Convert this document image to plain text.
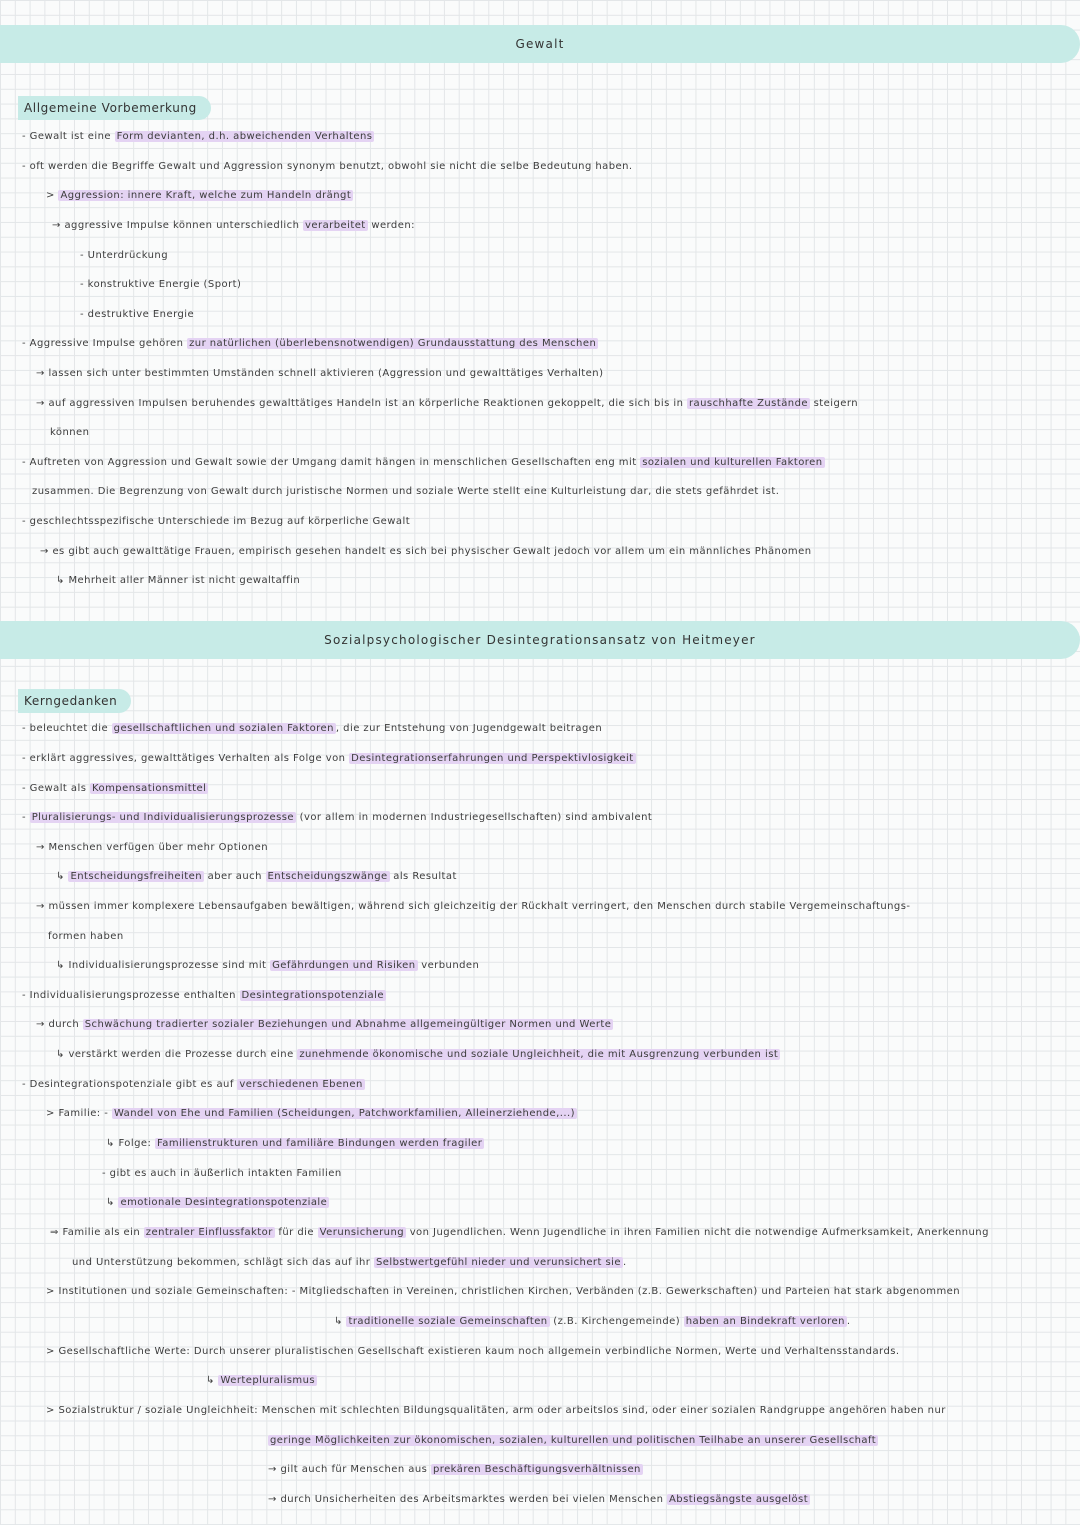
Gewalt
Sozialpsychologischer Desintegrationsansatz von Heitmeyer
Allgemeine Vorbemerkung
Kerngedanken
- Gewalt ist eine Form devianten, d.h. abweichenden Verhaltens
- oft werden die Begriffe Gewalt und Aggression synonym benutzt, obwohl sie nicht die selbe Bedeutung haben.
> Aggression: innere Kraft, welche zum Handeln drängt
→ aggressive Impulse können unterschiedlich verarbeitet werden:
- Unterdrückung
- konstruktive Energie (Sport)
- destruktive Energie
- Aggressive Impulse gehören zur natürlichen (überlebensnotwendigen) Grundausstattung des Menschen
→ lassen sich unter bestimmten Umständen schnell aktivieren (Aggression und gewalttätiges Verhalten)
→ auf aggressiven Impulsen beruhendes gewalttätiges Handeln ist an körperliche Reaktionen gekoppelt, die sich bis in rauschhafte Zustände steigern
können
- Auftreten von Aggression und Gewalt sowie der Umgang damit hängen in menschlichen Gesellschaften eng mit sozialen und kulturellen Faktoren
zusammen. Die Begrenzung von Gewalt durch juristische Normen und soziale Werte stellt eine Kulturleistung dar, die stets gefährdet ist.
- geschlechtsspezifische Unterschiede im Bezug auf körperliche Gewalt
→ es gibt auch gewalttätige Frauen, empirisch gesehen handelt es sich bei physischer Gewalt jedoch vor allem um ein männliches Phänomen
↳ Mehrheit aller Männer ist nicht gewaltaffin
- beleuchtet die gesellschaftlichen und sozialen Faktoren , die zur Entstehung von Jugendgewalt beitragen
- erklärt aggressives, gewalttätiges Verhalten als Folge von Desintegrationserfahrungen und Perspektivlosigkeit
- Gewalt als Kompensationsmittel
- Pluralisierungs- und Individualisierungsprozesse (vor allem in modernen Industriegesellschaften) sind ambivalent
→ Menschen verfügen über mehr Optionen
↳ Entscheidungsfreiheiten aber auch Entscheidungszwänge als Resultat
→ müssen immer komplexere Lebensaufgaben bewältigen, während sich gleichzeitig der Rückhalt verringert, den Menschen durch stabile Vergemeinschaftungs-
formen haben
↳ Individualisierungsprozesse sind mit Gefährdungen und Risiken verbunden
- Individualisierungsprozesse enthalten Desintegrationspotenziale
→ durch Schwächung tradierter sozialer Beziehungen und Abnahme allgemeingültiger Normen und Werte
↳ verstärkt werden die Prozesse durch eine zunehmende ökonomische und soziale Ungleichheit, die mit Ausgrenzung verbunden ist
- Desintegrationspotenziale gibt es auf verschiedenen Ebenen
> Familie: - Wandel von Ehe und Familien (Scheidungen, Patchworkfamilien, Alleinerziehende,...)
↳ Folge: Familienstrukturen und familiäre Bindungen werden fragiler
- gibt es auch in äußerlich intakten Familien
↳ emotionale Desintegrationspotenziale
⇒ Familie als ein zentraler Einflussfaktor für die Verunsicherung von Jugendlichen. Wenn Jugendliche in ihren Familien nicht die notwendige Aufmerksamkeit, Anerkennung
und Unterstützung bekommen, schlägt sich das auf ihr Selbstwertgefühl nieder und verunsichert sie .
> Institutionen und soziale Gemeinschaften: - Mitgliedschaften in Vereinen, christlichen Kirchen, Verbänden (z.B. Gewerkschaften) und Parteien hat stark abgenommen
↳ traditionelle soziale Gemeinschaften (z.B. Kirchengemeinde) haben an Bindekraft verloren .
> Gesellschaftliche Werte: Durch unserer pluralistischen Gesellschaft existieren kaum noch allgemein verbindliche Normen, Werte und Verhaltensstandards.
↳ Wertepluralismus
> Sozialstruktur / soziale Ungleichheit: Menschen mit schlechten Bildungsqualitäten, arm oder arbeitslos sind, oder einer sozialen Randgruppe angehören haben nur
geringe Möglichkeiten zur ökonomischen, sozialen, kulturellen und politischen Teilhabe an unserer Gesellschaft
→ gilt auch für Menschen aus prekären Beschäftigungsverhältnissen
→ durch Unsicherheiten des Arbeitsmarktes werden bei vielen Menschen Abstiegsängste ausgelöst
